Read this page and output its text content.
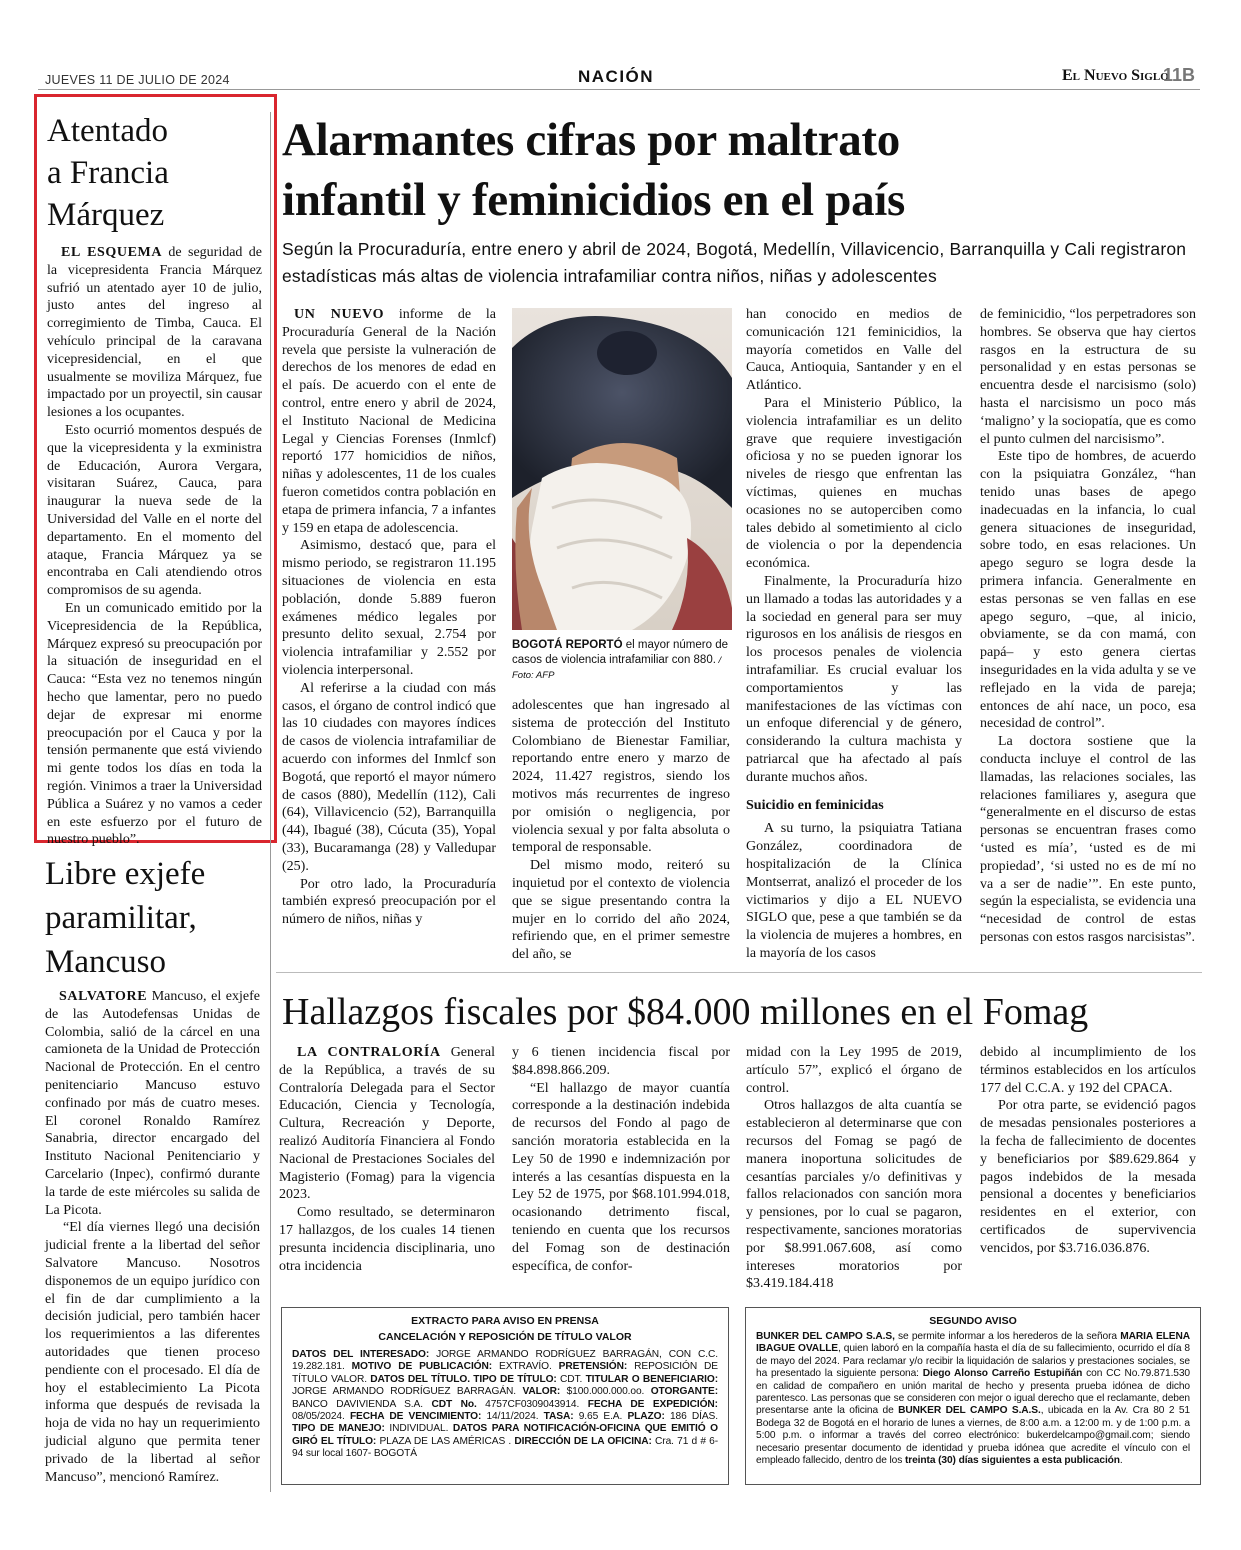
JUEVES 11 DE JULIO DE 2024	NACIÓN	El Nuevo Siglo
11B
Atentado
a Francia
Márquez

EL ESQUEMA de seguridad de la vicepresidenta Francia Márquez sufrió un atentado ayer 10 de julio, justo antes del ingreso al corregimiento de Timba, Cauca. El vehículo principal de la caravana vicepresidencial, en el que usualmente se moviliza Márquez, fue impactado por un proyectil, sin causar lesiones a los ocupantes.

Esto ocurrió momentos después de que la vicepresidenta y la exministra de Educación, Aurora Vergara, visitaran Suárez, Cauca, para inaugurar la nueva sede de la Universidad del Valle en el norte del departamento. En el momento del ataque, Francia Márquez ya se encontraba en Cali atendiendo otros compromisos de su agenda.

En un comunicado emitido por la Vicepresidencia de la República, Márquez expresó su preocupación por la situación de inseguridad en el Cauca: “Esta vez no tenemos ningún hecho que lamentar, pero no puedo dejar de expresar mi enorme preocupación por el Cauca y por la tensión permanente que está viviendo mi gente todos los días en toda la región. Vinimos a traer la Universidad Pública a Suárez y no vamos a ceder en este esfuerzo por el futuro de nuestro pueblo”.

Libre exjefe
paramilitar,
Mancuso

SALVATORE Mancuso, el exjefe de las Autodefensas Unidas de Colombia, salió de la cárcel en una camioneta de la Unidad de Protección Nacional de Protección. En el centro penitenciario Mancuso estuvo confinado por más de cuatro meses. El coronel Ronaldo Ramírez Sanabria, director encargado del Instituto Nacional Penitenciario y Carcelario (Inpec), confirmó durante la tarde de este miércoles su salida de La Picota.

“El día viernes llegó una decisión judicial frente a la libertad del señor Salvatore Mancuso. Nosotros disponemos de un equipo jurídico con el fin de dar cumplimiento a la decisión judicial, pero también hacer los requerimientos a las diferentes autoridades que tienen proceso pendiente con el procesado. El día de hoy el establecimiento La Picota informa que después de revisada la hoja de vida no hay un requerimiento judicial alguno que permita tener privado de la libertad al señor Mancuso”, mencionó Ramírez.

Alarmantes cifras por maltrato
infantil y feminicidios en el país
Según la Procuraduría, entre enero y abril de 2024, Bogotá, Medellín, Villavicencio, Barranquilla y Cali registraron estadísticas más altas de violencia intrafamiliar contra niños, niñas y adolescentes

UN NUEVO informe de la Procuraduría General de la Nación revela que persiste la vulneración de derechos de los menores de edad en el país. De acuerdo con el ente de control, entre enero y abril de 2024, el Instituto Nacional de Medicina Legal y Ciencias Forenses (Inmlcf) reportó 177 homicidios de niños, niñas y adolescentes, 11 de los cuales fueron cometidos contra población en etapa de primera infancia, 7 a infantes y 159 en etapa de adolescencia.

Asimismo, destacó que, para el mismo periodo, se registraron 11.195 situaciones de violencia en esta población, donde 5.889 fueron exámenes médico legales por presunto delito sexual, 2.754 por violencia intrafamiliar y 2.552 por violencia interpersonal.

Al referirse a la ciudad con más casos, el órgano de control indicó que las 10 ciudades con mayores índices de casos de violencia intrafamiliar de acuerdo con informes del Inmlcf son Bogotá, que reportó el mayor número de casos (880), Medellín (112), Cali (64), Villavicencio (52), Barranquilla (44), Ibagué (38), Cúcuta (35), Yopal (33), Bucaramanga (28) y Valledupar (25).

Por otro lado, la Procuraduría también expresó preocupación por el número de niños, niñas y

BOGOTÁ REPORTÓ el mayor número de casos de violencia intrafamiliar con 880. / Foto: AFP

adolescentes que han ingresado al sistema de protección del Instituto Colombiano de Bienestar Familiar, reportando entre enero y marzo de 2024, 11.427 registros, siendo los motivos más recurrentes de ingreso por omisión o negligencia, por violencia sexual y por falta absoluta o temporal de responsable.

Del mismo modo, reiteró su inquietud por el contexto de violencia que se sigue presentando contra la mujer en lo corrido del año 2024, refiriendo que, en el primer semestre del año, se

han conocido en medios de comunicación 121 feminicidios, la mayoría cometidos en Valle del Cauca, Antioquia, Santander y en el Atlántico.

Para el Ministerio Público, la violencia intrafamiliar es un delito grave que requiere investigación oficiosa y no se pueden ignorar los niveles de riesgo que enfrentan las víctimas, quienes en muchas ocasiones no se autoperciben como tales debido al sometimiento al ciclo de violencia o por la dependencia económica.

Finalmente, la Procuraduría hizo un llamado a todas las autoridades y a la sociedad en general para ser muy rigurosos en los análisis de riesgos en los procesos penales de violencia intrafamiliar. Es crucial evaluar los comportamientos y las manifestaciones de las víctimas con un enfoque diferencial y de género, considerando la cultura machista y patriarcal que ha afectado al país durante muchos años.

Suicidio en feminicidas

A su turno, la psiquiatra Tatiana González, coordinadora de hospitalización de la Clínica Montserrat, analizó el proceder de los victimarios y dijo a EL NUEVO SIGLO que, pese a que también se da la violencia de mujeres a hombres, en la mayoría de los casos

de feminicidio, “los perpetradores son hombres. Se observa que hay ciertos rasgos en la estructura de su personalidad y en estas personas se encuentra desde el narcisismo (solo) hasta el narcisismo un poco más ‘maligno’ y la sociopatía, que es como el punto culmen del narcisismo”.

Este tipo de hombres, de acuerdo con la psiquiatra González, “han tenido unas bases de apego inadecuadas en la infancia, lo cual genera situaciones de inseguridad, sobre todo, en esas relaciones. Un apego seguro se logra desde la primera infancia. Generalmente en estas personas se ven fallas en ese apego seguro, –que, al inicio, obviamente, se da con mamá, con papá– y esto genera ciertas inseguridades en la vida adulta y se ve reflejado en la vida de pareja; entonces de ahí nace, un poco, esa necesidad de control”.

La doctora sostiene que la conducta incluye el control de las llamadas, las relaciones sociales, las relaciones familiares y, asegura que “generalmente en el discurso de estas personas se encuentran frases como ‘usted es mía’, ‘usted es de mi propiedad’, ‘si usted no es de mí no va a ser de nadie’”. En este punto, según la especialista, se evidencia una “necesidad de control de estas personas con estos rasgos narcisistas”.

Hallazgos fiscales por $84.000 millones en el Fomag

LA CONTRALORÍA General de la República, a través de su Contraloría Delegada para el Sector Educación, Ciencia y Tecnología, Cultura, Recreación y Deporte, realizó Auditoría Financiera al Fondo Nacional de Prestaciones Sociales del Magisterio (Fomag) para la vigencia 2023.

Como resultado, se determinaron 17 hallazgos, de los cuales 14 tienen presunta incidencia disciplinaria, uno otra incidencia

y 6 tienen incidencia fiscal por $84.898.866.209.

“El hallazgo de mayor cuantía corresponde a la destinación indebida de recursos del Fondo al pago de sanción moratoria establecida en la Ley 50 de 1990 e indemnización por interés a las cesantías dispuesta en la Ley 52 de 1975, por $68.101.994.018, ocasionando detrimento fiscal, teniendo en cuenta que los recursos del Fomag son de destinación específica, de confor-

midad con la Ley 1995 de 2019, artículo 57”, explicó el órgano de control.

Otros hallazgos de alta cuantía se establecieron al determinarse que con recursos del Fomag se pagó de manera inoportuna solicitudes de cesantías parciales y/o definitivas y fallos relacionados con sanción mora y pensiones, por lo cual se pagaron, respectivamente, sanciones moratorias por $8.991.067.608, así como intereses moratorios por $3.419.184.418

debido al incumplimiento de los términos establecidos en los artículos 177 del C.C.A. y 192 del CPACA.

Por otra parte, se evidenció pagos de mesadas pensionales posteriores a la fecha de fallecimiento de docentes y beneficiarios por $89.629.864 y pagos indebidos de la mesada pensional a docentes y beneficiarios residentes en el exterior, con certificados de supervivencia vencidos, por $3.716.036.876.

EXTRACTO PARA AVISO EN PRENSA
CANCELACIÓN Y REPOSICIÓN DE TÍTULO VALOR
DATOS DEL INTERESADO: JORGE ARMANDO RODRÍGUEZ BARRAGÁN, CON C.C. 19.282.181. MOTIVO DE PUBLICACIÓN: EXTRAVÍO. PRETENSIÓN: REPOSICIÓN DE TÍTULO VALOR. DATOS DEL TÍTULO. TIPO DE TÍTULO: CDT. TITULAR O BENEFICIARIO: JORGE ARMANDO RODRÍGUEZ BARRAGÁN. VALOR: $100.000.000.oo. OTORGANTE: BANCO DAVIVIENDA S.A. CDT No. 4757CF0309043914. FECHA DE EXPEDICIÓN: 08/05/2024. FECHA DE VENCIMIENTO: 14/11/2024. TASA: 9.65 E.A. PLAZO: 186 DÍAS. TIPO DE MANEJO: INDIVIDUAL. DATOS PARA NOTIFICACIÓN-OFICINA QUE EMITIÓ O GIRÓ EL TÍTULO: PLAZA DE LAS AMÉRICAS . DIRECCIÓN DE LA OFICINA: Cra. 71 d # 6-94 sur local 1607- BOGOTÁ
SEGUNDO AVISO
BUNKER DEL CAMPO S.A.S, se permite informar a los herederos de la señora MARIA ELENA IBAGUE OVALLE, quien laboró en la compañía hasta el día de su fallecimiento, ocurrido el día 8 de mayo del 2024. Para reclamar y/o recibir la liquidación de salarios y prestaciones sociales, se ha presentado la siguiente persona: Diego Alonso Carreño Estupiñán con CC No.79.871.530 en calidad de compañero en unión marital de hecho y presenta prueba idónea de dicho parentesco. Las personas que se consideren con mejor o igual derecho que el reclamante, deben presentarse ante la oficina de BUNKER DEL CAMPO S.A.S., ubicada en la Av. Cra 80 2 51 Bodega 32 de Bogotá en el horario de lunes a viernes, de 8:00 a.m. a 12:00 m. y de 1:00 p.m. a 5:00 p.m. o informar a través del correo electrónico: bukerdelcampo@gmail.com; siendo necesario presentar documento de identidad y prueba idónea que acredite el vínculo con el empleado fallecido, dentro de los treinta (30) días siguientes a esta publicación.
